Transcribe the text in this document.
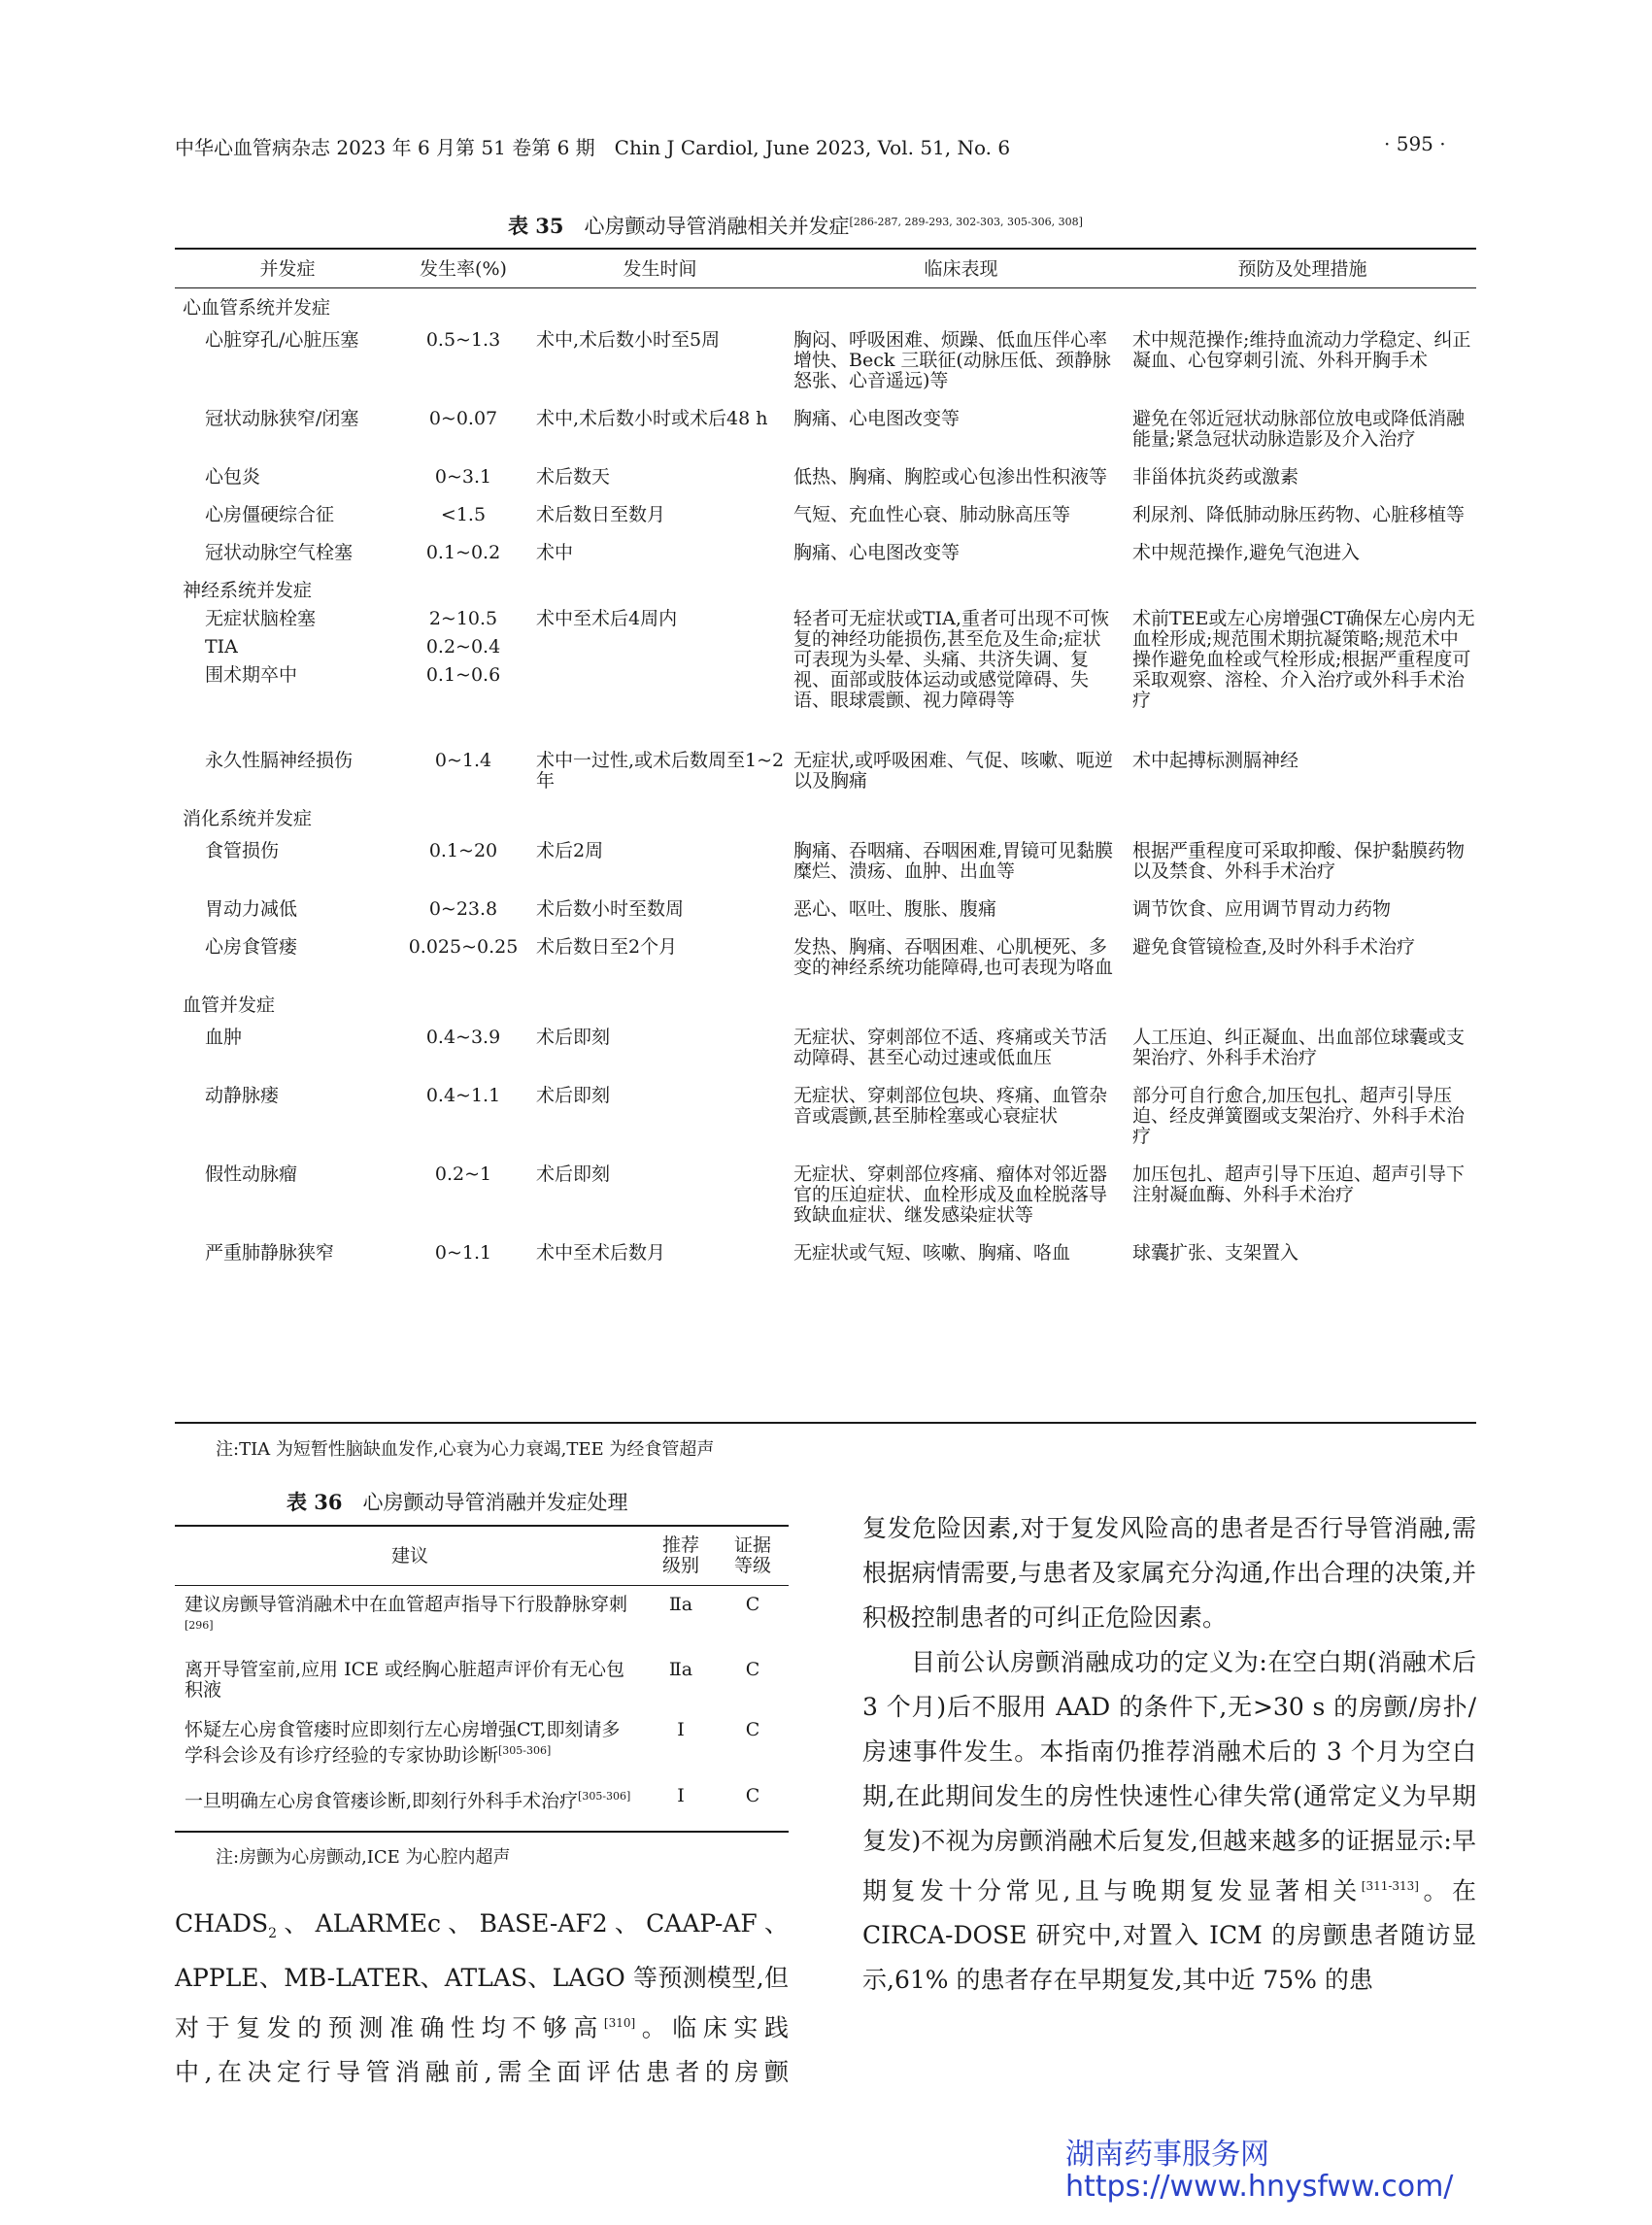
中华心血管病杂志 2023 年 6 月第 51 卷第 6 期　Chin J Cardiol, June 2023, Vol. 51, No. 6	· 595 ·
表 35　 心房颤动导管消融相关并发症[286-287, 289-293, 302-303, 305-306, 308]
并发症	发生率(%)	发生时间	临床表现	预防及处理措施
心血管系统并发症				
心脏穿孔/心脏压塞	0.5~1.3	术中,术后数小时至5周	胸闷、呼吸困难、烦躁、低血压伴心率增快、Beck 三联征(动脉压低、颈静脉怒张、心音遥远)等	术中规范操作;维持血流动力学稳定、纠正凝血、心包穿刺引流、外科开胸手术
冠状动脉狭窄/闭塞	0~0.07	术中,术后数小时或术后48 h	胸痛、心电图改变等	避免在邻近冠状动脉部位放电或降低消融能量;紧急冠状动脉造影及介入治疗
心包炎	0~3.1	术后数天	低热、胸痛、胸腔或心包渗出性积液等	非甾体抗炎药或激素
心房僵硬综合征	<1.5	术后数日至数月	气短、充血性心衰、肺动脉高压等	利尿剂、降低肺动脉压药物、心脏移植等
冠状动脉空气栓塞	0.1~0.2	术中	胸痛、心电图改变等	术中规范操作,避免气泡进入
神经系统并发症				
无症状脑栓塞	2~10.5	术中至术后4周内	轻者可无症状或TIA,重者可出现不可恢复的神经功能损伤,甚至危及生命;症状可表现为头晕、头痛、共济失调、复视、面部或肢体运动或感觉障碍、失语、眼球震颤、视力障碍等	术前TEE或左心房增强CT确保左心房内无血栓形成;规范围术期抗凝策略;规范术中操作避免血栓或气栓形成;根据严重程度可采取观察、溶栓、介入治疗或外科手术治疗
TIA	0.2~0.4			
围术期卒中	0.1~0.6			
永久性膈神经损伤	0~1.4	术中一过性,或术后数周至1~2年	无症状,或呼吸困难、气促、咳嗽、呃逆以及胸痛	术中起搏标测膈神经
消化系统并发症				
食管损伤	0.1~20	术后2周	胸痛、吞咽痛、吞咽困难,胃镜可见黏膜糜烂、溃疡、血肿、出血等	根据严重程度可采取抑酸、保护黏膜药物以及禁食、外科手术治疗
胃动力减低	0~23.8	术后数小时至数周	恶心、呕吐、腹胀、腹痛	调节饮食、应用调节胃动力药物
心房食管瘘	0.025~0.25	术后数日至2个月	发热、胸痛、吞咽困难、心肌梗死、多变的神经系统功能障碍,也可表现为咯血	避免食管镜检查,及时外科手术治疗
血管并发症				
血肿	0.4~3.9	术后即刻	无症状、穿刺部位不适、疼痛或关节活动障碍、甚至心动过速或低血压	人工压迫、纠正凝血、出血部位球囊或支架治疗、外科手术治疗
动静脉瘘	0.4~1.1	术后即刻	无症状、穿刺部位包块、疼痛、血管杂音或震颤,甚至肺栓塞或心衰症状	部分可自行愈合,加压包扎、超声引导压迫、经皮弹簧圈或支架治疗、外科手术治疗
假性动脉瘤	0.2~1	术后即刻	无症状、穿刺部位疼痛、瘤体对邻近器官的压迫症状、血栓形成及血栓脱落导致缺血症状、继发感染症状等	加压包扎、超声引导下压迫、超声引导下注射凝血酶、外科手术治疗
严重肺静脉狭窄	0~1.1	术中至术后数月	无症状或气短、咳嗽、胸痛、咯血	球囊扩张、支架置入
注:TIA 为短暂性脑缺血发作,心衰为心力衰竭,TEE 为经食管超声
表 36　 心房颤动导管消融并发症处理
建议	推荐级别	证据等级
建议房颤导管消融术中在血管超声指导下行股静脉穿刺[296]	Ⅱa	C
离开导管室前,应用 ICE 或经胸心脏超声评价有无心包积液	Ⅱa	C
怀疑左心房食管瘘时应即刻行左心房增强CT,即刻请多学科会诊及有诊疗经验的专家协助诊断[305-306]	Ⅰ	C
一旦明确左心房食管瘘诊断,即刻行外科手术治疗[305-306]	Ⅰ	C
注:房颤为心房颤动,ICE 为心腔内超声
$CHADS_2$、ALARMEc、BASE-AF2、CAAP-AF、
APPLE、MB-LATER、ATLAS、LAGO 等预测模型,但
对于复发的预测准确性均不够高[310]。临床实践
中,在决定行导管消融前,需全面评估患者的房颤
复发危险因素,对于复发风险高的患者是否行导管消融,需根据病情需要,与患者及家属充分沟通,作出合理的决策,并积极控制患者的可纠正危险因素。
目前公认房颤消融成功的定义为:在空白期(消融术后 3 个月)后不服用 AAD 的条件下,无>30 s 的房颤/房扑/房速事件发生。本指南仍推荐消融术后的 3 个月为空白期,在此期间发生的房性快速性心律失常(通常定义为早期复发)不视为房颤消融术后复发,但越来越多的证据显示:早期复发十分常见,且与晚期复发显著相关[311-313]。在 CIRCA-DOSE 研究中,对置入 ICM 的房颤患者随访显示,61% 的患者存在早期复发,其中近 75% 的患
湖南药事服务网
https://www.hnysfww.com/
